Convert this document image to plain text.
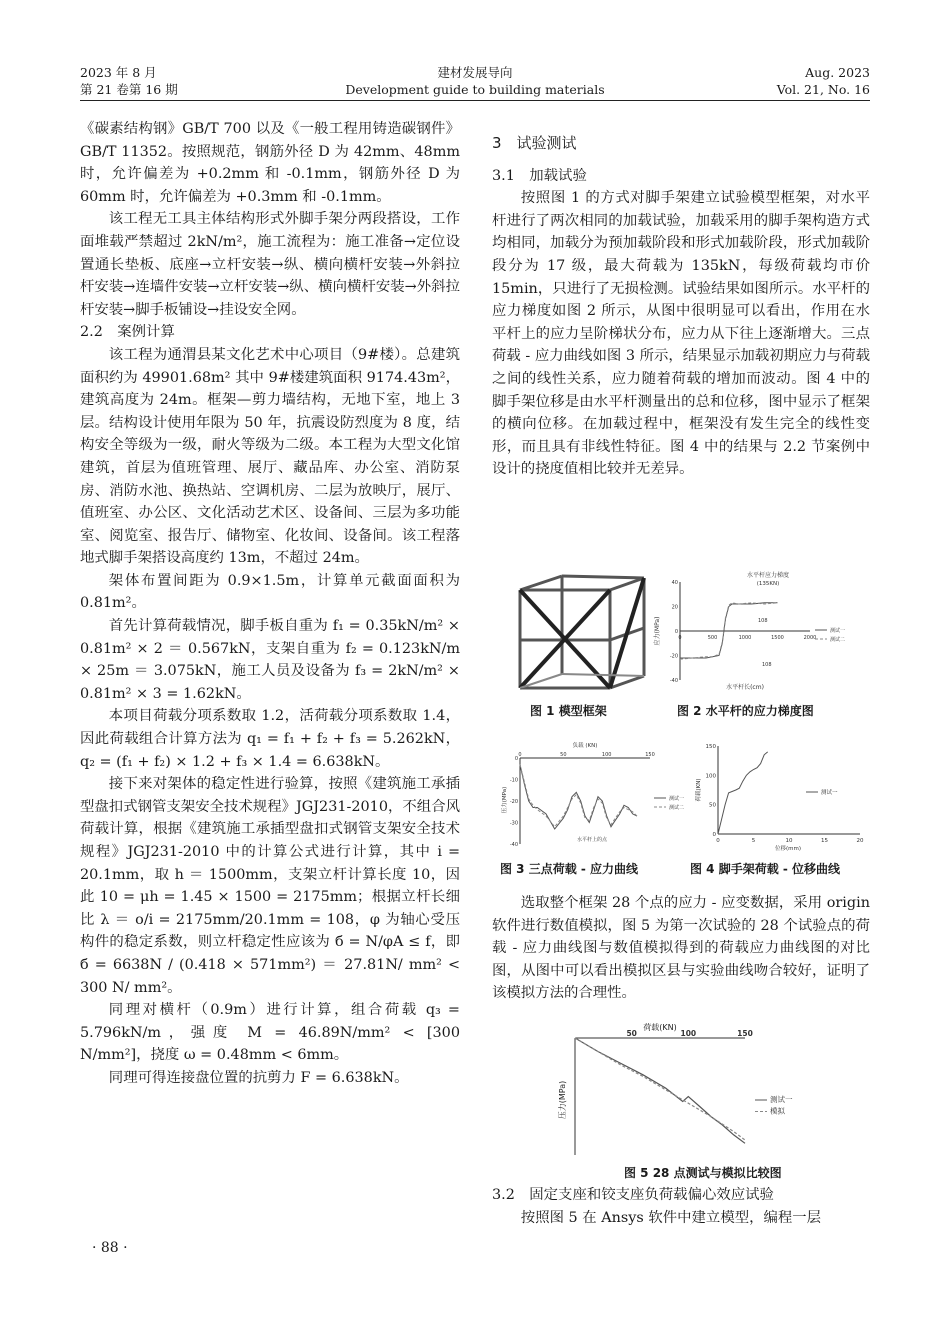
2023 年 8 月
第 21 卷第 16 期
建材发展导向
Development guide to building materials
Aug. 2023
Vol. 21, No. 16

《碳素结构钢》GB/T 700 以及《一般工程用铸造碳钢件》GB/T 11352。按照规范，钢筋外径 D 为 42mm、48mm 时，允许偏差为 +0.2mm 和 -0.1mm，钢筋外径 D 为 60mm 时，允许偏差为 +0.3mm 和 -0.1mm。

该工程无工具主体结构形式外脚手架分两段搭设，工作面堆载严禁超过 2kN/m²，施工流程为：施工准备→定位设置通长垫板、底座→立杆安装→纵、横向横杆安装→外斜拉杆安装→连墙件安装→立杆安装→纵、横向横杆安装→外斜拉杆安装→脚手板铺设→挂设安全网。

2.2　案例计算

该工程为通渭县某文化艺术中心项目（9#楼）。总建筑面积约为 49901.68m² 其中 9#楼建筑面积 9174.43m²，建筑高度为 24m。框架—剪力墙结构，无地下室，地上 3 层。结构设计使用年限为 50 年，抗震设防烈度为 8 度，结构安全等级为一级，耐火等级为二级。本工程为大型文化馆建筑，首层为值班管理、展厅、藏品库、办公室、消防泵房、消防水池、换热站、空调机房、二层为放映厅，展厅、值班室、办公区、文化活动艺术区、设备间、三层为多功能室、阅览室、报告厅、储物室、化妆间、设备间。该工程落地式脚手架搭设高度约 13m，不超过 24m。

架体布置间距为 0.9×1.5m，计算单元截面面积为 0.81m²。

首先计算荷载情况，脚手板自重为 f₁ = 0.35kN/m² × 0.81m² × 2 ＝ 0.567kN，支架自重为 f₂ = 0.123kN/m × 25m ＝ 3.075kN，施工人员及设备为 f₃ = 2kN/m² × 0.81m² × 3 = 1.62kN。

本项目荷载分项系数取 1.2，活荷载分项系数取 1.4，因此荷载组合计算方法为 q₁ = f₁ + f₂ + f₃ = 5.262kN，q₂ = (f₁ + f₂) × 1.2 + f₃ × 1.4 = 6.638kN。

接下来对架体的稳定性进行验算，按照《建筑施工承插型盘扣式钢管支架安全技术规程》JGJ231-2010，不组合风荷载计算，根据《建筑施工承插型盘扣式钢管支架安全技术规程》JGJ231-2010 中的计算公式进行计算，其中 i = 20.1mm，取 h ＝ 1500mm，支架立杆计算长度 10，因此 10 = μh = 1.45 × 1500 = 2175mm；根据立杆长细比 λ ＝ o/i = 2175mm/20.1mm = 108，φ 为轴心受压构件的稳定系数，则立杆稳定性应该为 б = N/φA ≤ f，即 б = 6638N / (0.418 × 571mm²) ＝ 27.81N/ mm² < 300 N/ mm²。

同理对横杆（0.9m）进行计算，组合荷载 q₃ = 5.796kN/m，强度 M = 46.89N/mm² < [300 N/mm²]，挠度 ω = 0.48mm < 6mm。

同理可得连接盘位置的抗剪力 F = 6.638kN。

3　试验测试

3.1　加载试验

按照图 1 的方式对脚手架建立试验模型框架，对水平杆进行了两次相同的加载试验，加载采用的脚手架构造方式均相同，加载分为预加载阶段和形式加载阶段，形式加载阶段分为 17 级，最大荷载为 135kN，每级荷载均市价 15min，只进行了无损检测。试验结果如图所示。水平杆的应力梯度如图 2 所示，从图中很明显可以看出，作用在水平杆上的应力呈阶梯状分布，应力从下往上逐渐增大。三点荷载 - 应力曲线如图 3 所示，结果显示加载初期应力与荷载之间的线性关系，应力随着荷载的增加而波动。图 4 中的脚手架位移是由水平杆测量出的总和位移，图中显示了框架的横向位移。在加载过程中，框架没有发生完全的线性变形，而且具有非线性特征。图 4 中的结果与 2.2 节案例中设计的挠度值相比较并无差异。

图 1 模型框架
水平杆应力梯度
(135KN)
应力(MPa)
水平杆长(cm)
108
108
0	500	1000	1500	2000
40
20
0
-20
-40
测试一
测试二
图 2 水平杆的应力梯度图
负载 (KN)
压力(MPa)
水平杆上的点
0	50	100	150
0
-10
-20
-30
-40
测试一
测试二
图 3 三点荷载 - 应力曲线
荷载(KN)
位移(mm)
0	5	10	15	20
150
100
50
0
测试一
图 4 脚手架荷载 - 位移曲线

选取整个框架 28 个点的应力 - 应变数据，采用 origin 软件进行数值模拟，图 5 为第一次试验的 28 个试验点的荷载 - 应力曲线图与数值模拟得到的荷载应力曲线图的对比图，从图中可以看出模拟区县与实验曲线吻合较好，证明了该模拟方法的合理性。

荷载(KN)
压力(MPa)
50	100	150
测试一
模拟
图 5 28 点测试与模拟比较图

3.2　固定支座和铰支座负荷载偏心效应试验

按照图 5 在 Ansys 软件中建立模型，编程一层

· 88 ·
